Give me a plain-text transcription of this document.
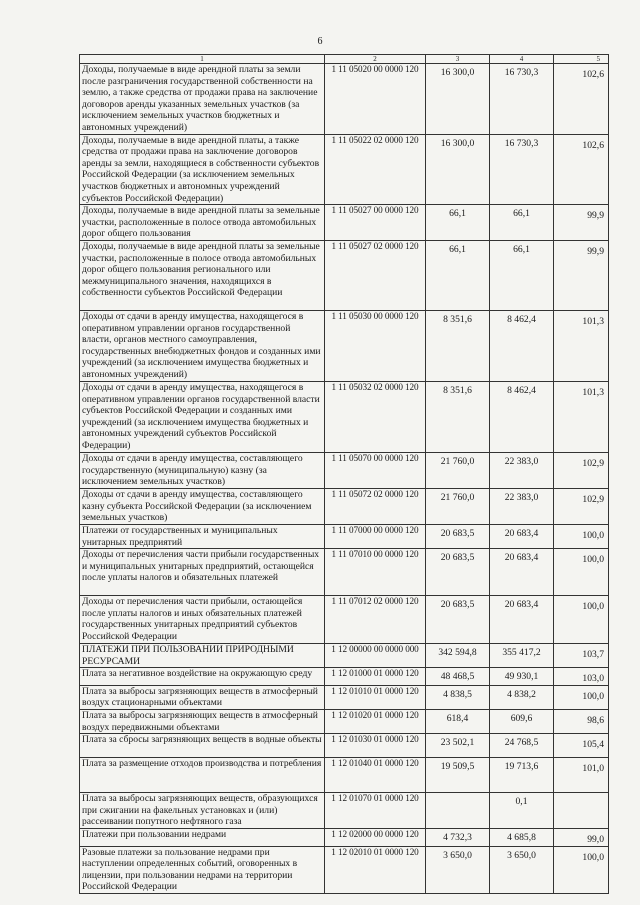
6
1	2	3	4	5
Доходы, получаемые в виде арендной платы за земли после разграничения государственной собственности на землю, а также средства от продажи права на заключение договоров аренды указанных земельных участков (за исключением земельных участков бюджетных и автономных учреждений)	1 11 05020 00 0000 120	16 300,0	16 730,3	102,6
Доходы, получаемые в виде арендной платы, а также средства от продажи права на заключение договоров аренды за земли, находящиеся в собственности субъектов Российской Федерации (за исключением земельных участков бюджетных и автономных учреждений субъектов Российской Федерации)	1 11 05022 02 0000 120	16 300,0	16 730,3	102,6
Доходы, получаемые в виде арендной платы за земельные участки, расположенные в полосе отвода автомобильных дорог общего пользования	1 11 05027 00 0000 120	66,1	66,1	99,9
Доходы, получаемые в виде арендной платы за земельные участки, расположенные в полосе отвода автомобильных дорог общего пользования регионального или межмуниципального значения, находящихся в собственности субъектов Российской Федерации	1 11 05027 02 0000 120	66,1	66,1	99,9
Доходы от сдачи в аренду имущества, находящегося в оперативном управлении органов государственной власти, органов местного самоуправления, государственных внебюджетных фондов и созданных ими учреждений (за исключением имущества бюджетных и автономных учреждений)	1 11 05030 00 0000 120	8 351,6	8 462,4	101,3
Доходы от сдачи в аренду имущества, находящегося в оперативном управлении органов государственной власти субъектов Российской Федерации и созданных ими учреждений (за исключением имущества бюджетных и автономных учреждений субъектов Российской Федерации)	1 11 05032 02 0000 120	8 351,6	8 462,4	101,3
Доходы от сдачи в аренду имущества, составляющего государственную (муниципальную) казну (за исключением земельных участков)	1 11 05070 00 0000 120	21 760,0	22 383,0	102,9
Доходы от сдачи в аренду имущества, составляющего казну субъекта Российской Федерации (за исключением земельных участков)	1 11 05072 02 0000 120	21 760,0	22 383,0	102,9
Платежи от государственных и муниципальных унитарных предприятий	1 11 07000 00 0000 120	20 683,5	20 683,4	100,0
Доходы от перечисления части прибыли государственных и муниципальных унитарных предприятий, остающейся после уплаты налогов и обязательных платежей	1 11 07010 00 0000 120	20 683,5	20 683,4	100,0
Доходы от перечисления части прибыли, остающейся после уплаты налогов и иных обязательных платежей государственных унитарных предприятий субъектов Российской Федерации	1 11 07012 02 0000 120	20 683,5	20 683,4	100,0
ПЛАТЕЖИ ПРИ ПОЛЬЗОВАНИИ ПРИРОДНЫМИ РЕСУРСАМИ	1 12 00000 00 0000 000	342 594,8	355 417,2	103,7
Плата за негативное воздействие на окружающую среду	1 12 01000 01 0000 120	48 468,5	49 930,1	103,0
Плата за выбросы загрязняющих веществ в атмосферный воздух стационарными объектами	1 12 01010 01 0000 120	4 838,5	4 838,2	100,0
Плата за выбросы загрязняющих веществ в атмосферный воздух передвижными объектами	1 12 01020 01 0000 120	618,4	609,6	98,6
Плата за сбросы загрязняющих веществ в водные объекты	1 12 01030 01 0000 120	23 502,1	24 768,5	105,4
Плата за размещение отходов производства и потребления	1 12 01040 01 0000 120	19 509,5	19 713,6	101,0
Плата за выбросы загрязняющих веществ, образующихся при сжигании на факельных установках и (или) рассеивании попутного нефтяного газа	1 12 01070 01 0000 120		0,1	
Платежи при пользовании недрами	1 12 02000 00 0000 120	4 732,3	4 685,8	99,0
Разовые платежи за пользование недрами при наступлении определенных событий, оговоренных в лицензии, при пользовании недрами на территории Российской Федерации	1 12 02010 01 0000 120	3 650,0	3 650,0	100,0
